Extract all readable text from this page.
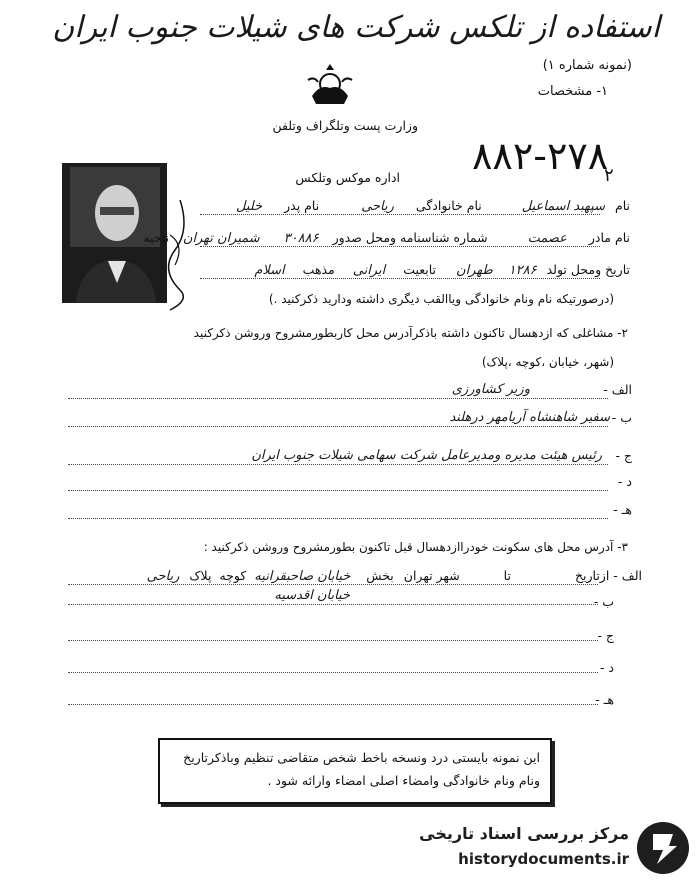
استفاده از تلکس شرکت های شیلات جنوب ایران
(نمونه شماره ۱)
۱- مشخصات
وزارت پست وتلگراف وتلفن
۸۸۲-۲۷۸
۲
اداره موکس وتلکس
نام سپهبد اسماعیل نام خانوادگی ریاحی نام پدر خلیل
نام مادر عصمت شماره شناسنامه ومحل صدور ۳۰۸۸۶ شمیران تهران ناحیه
تاریخ ومحل تولد ۱۲۸۶ طهران تابعیت ایرانی مذهب اسلام
(درصورتیکه نام ونام خانوادگی ویاالقب دیگری داشته ودارید ذکرکنید .)
۲- مشاغلی که ازدهسال تاکنون داشته باذکرآدرس محل کاربطورمشروح وروشن ذکرکنید
(شهر، خیابان ،کوچه ،پلاک)
الف -
وزیر کشاورزی
ب -
سفیر شاهنشاه آریامهر درهلند
ج -
رئیس هیئت مدیره ومدیرعامل شرکت سهامی شیلات جنوب ایران
د -
هـ -
۳- آدرس محل های سکونت خودراازدهسال قبل تاکنون بطورمشروح وروشن ذکرکنید :
الف - ازتاریخ تا شهر تهران بخش خیابان صاحبقرانیه کوچه پلاک ریاحی
خیابان اقدسیه	ب -
ج -
د -
هـ -

این نمونه بایستی درد ونسخه باخط شخص متقاضی تنظیم وباذکرتاریخ

ونام ونام خانوادگی وامضاء اصلی امضاء وارائه شود .

مرکز بررسی اسناد تاریخی
historydocuments.ir
